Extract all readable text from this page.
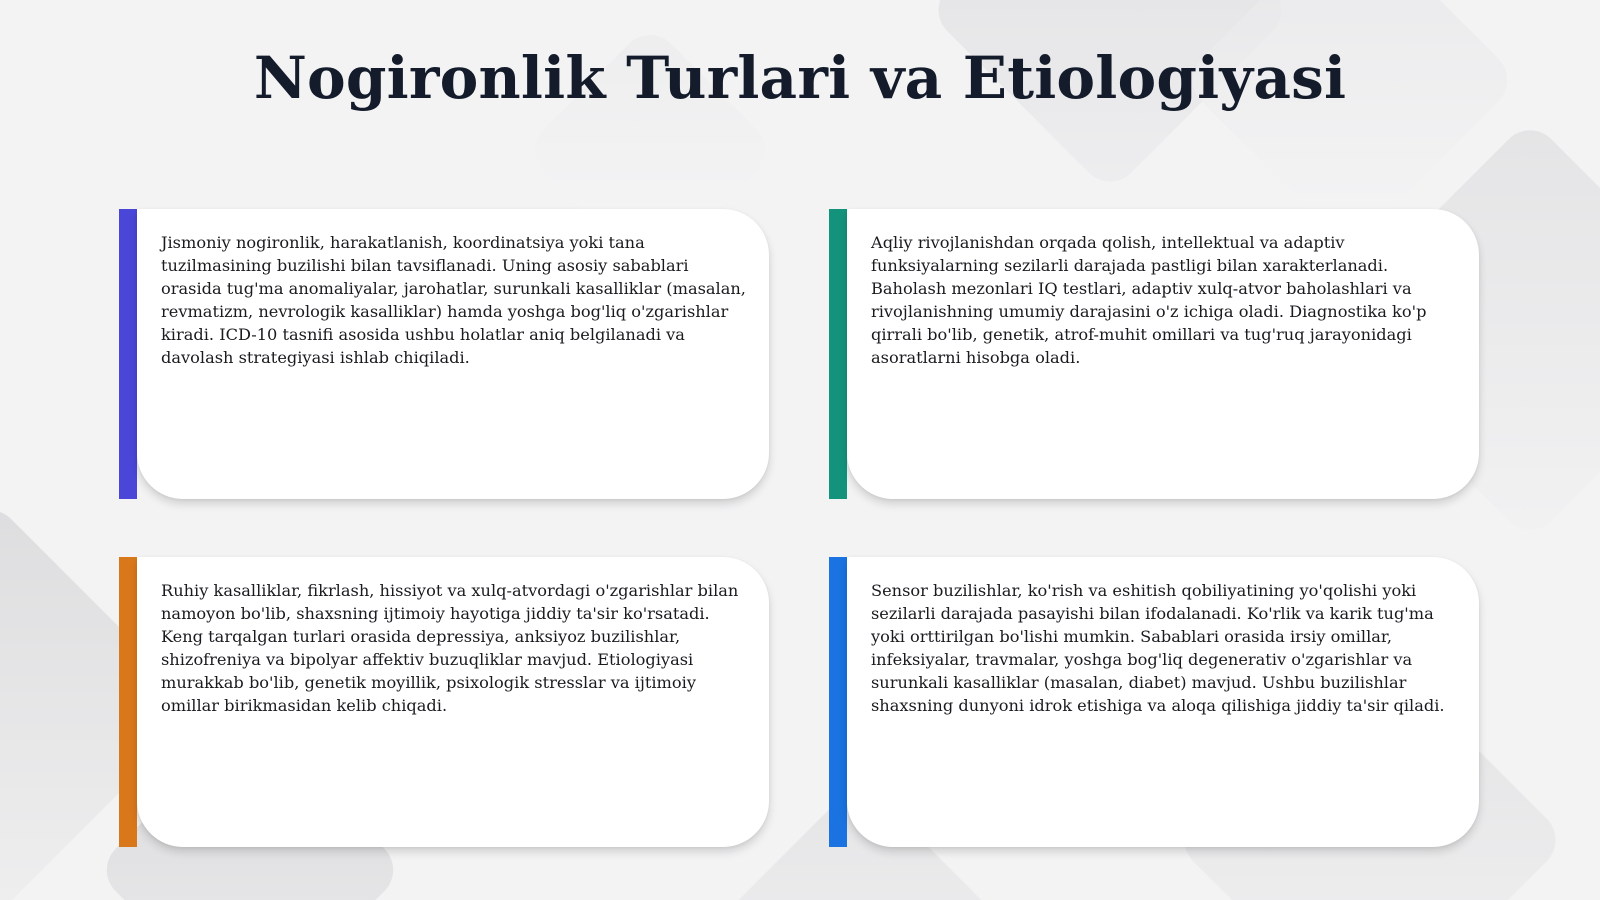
Nogironlik Turlari va Etiologiyasi

Jismoniy nogironlik, harakatlanish, koordinatsiya yoki tana tuzilmasining buzilishi bilan tavsiflanadi. Uning asosiy sabablari orasida tug'ma anomaliyalar, jarohatlar, surunkali kasalliklar (masalan, revmatizm, nevrologik kasalliklar) hamda yoshga bog'liq o'zgarishlar kiradi. ICD-10 tasnifi asosida ushbu holatlar aniq belgilanadi va davolash strategiyasi ishlab chiqiladi.

Aqliy rivojlanishdan orqada qolish, intellektual va adaptiv funksiyalarning sezilarli darajada pastligi bilan xarakterlanadi. Baholash mezonlari IQ testlari, adaptiv xulq-atvor baholashlari va rivojlanishning umumiy darajasini o'z ichiga oladi. Diagnostika ko'p qirrali bo'lib, genetik, atrof-muhit omillari va tug'ruq jarayonidagi asoratlarni hisobga oladi.

Ruhiy kasalliklar, fikrlash, hissiyot va xulq-atvordagi o'zgarishlar bilan namoyon bo'lib, shaxsning ijtimoiy hayotiga jiddiy ta'sir ko'rsatadi. Keng tarqalgan turlari orasida depressiya, anksiyoz buzilishlar, shizofreniya va bipolyar affektiv buzuqliklar mavjud. Etiologiyasi murakkab bo'lib, genetik moyillik, psixologik stresslar va ijtimoiy omillar birikmasidan kelib chiqadi.

Sensor buzilishlar, ko'rish va eshitish qobiliyatining yo'qolishi yoki sezilarli darajada pasayishi bilan ifodalanadi. Ko'rlik va karik tug'ma yoki orttirilgan bo'lishi mumkin. Sabablari orasida irsiy omillar, infeksiyalar, travmalar, yoshga bog'liq degenerativ o'zgarishlar va surunkali kasalliklar (masalan, diabet) mavjud. Ushbu buzilishlar shaxsning dunyoni idrok etishiga va aloqa qilishiga jiddiy ta'sir qiladi.
